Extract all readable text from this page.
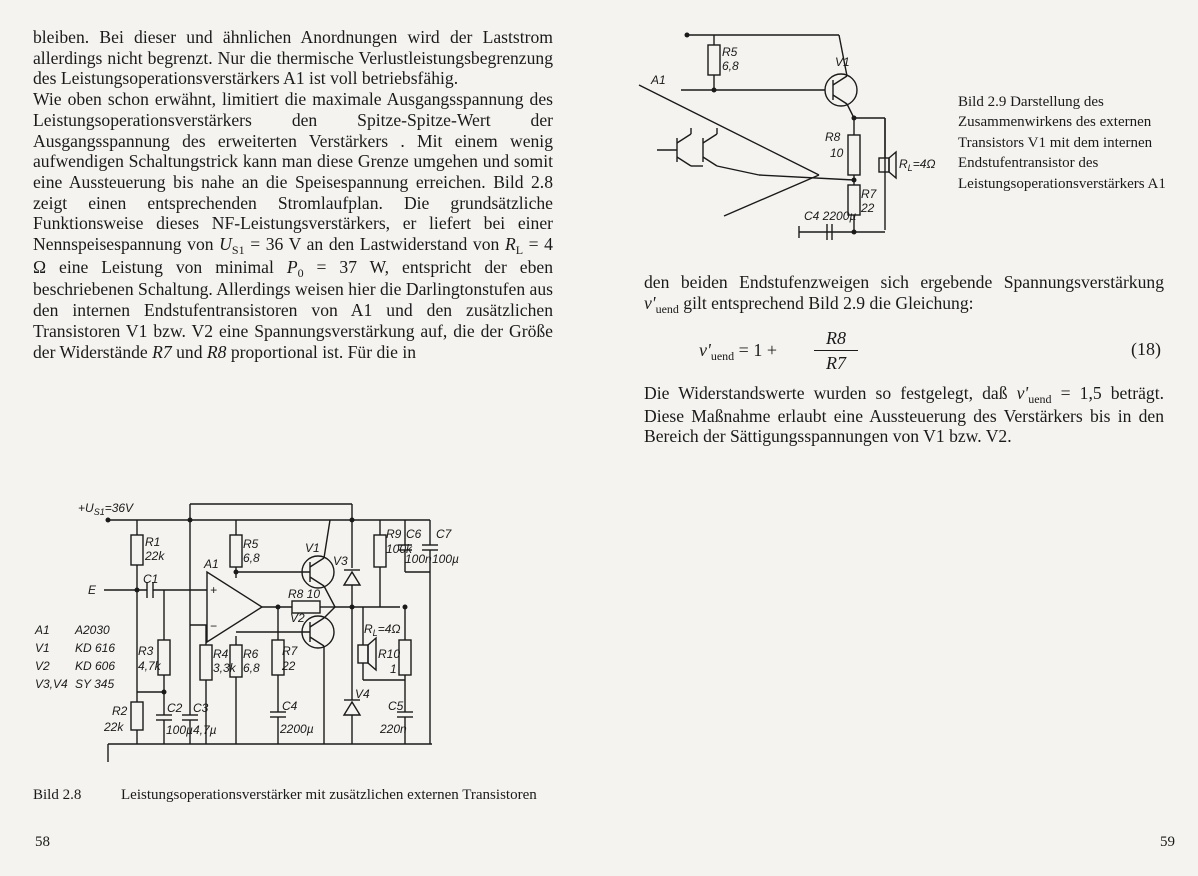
bleiben. Bei dieser und ähnlichen Anordnungen wird der Laststrom allerdings nicht begrenzt. Nur die thermische Verlustleistungsbegrenzung des Leistungsoperationsverstärkers A1 ist voll betriebsfähig.

Wie oben schon erwähnt, limitiert die maximale Ausgangsspannung des Leistungsoperationsverstärkers den Spitze-Spitze-Wert der Ausgangsspannung des erweiterten Verstärkers . Mit einem wenig aufwendigen Schaltungstrick kann man diese Grenze umgehen und somit eine Aussteuerung bis nahe an die Speisespannung erreichen. Bild 2.8 zeigt einen entsprechenden Stromlaufplan. Die grundsätzliche Funktionsweise dieses NF-Leistungsverstärkers, er liefert bei einer Nennspeisespannung von $U_{S1} = 36$ V an den Lastwiderstand von $R_L = 4$ Ω eine Leistung von minimal $P_0 = 37$ W, entspricht der eben beschriebenen Schaltung. Allerdings weisen hier die Darlingtonstufen aus den internen Endstufentransistoren von A1 und den zusätzlichen Transistoren V1 bzw. V2 eine Spannungsverstärkung auf, die der Größe der Widerstände R7 und R8 proportional ist. Für die in

$+U_{S1}=36V$
E
R1
22k
C1
R3
4,7k
R2
22k
C2
100µ
C3
4,7µ
R4
3,3k
R5
6,8
R6
6,8
A1
+
−
R8 10
V1
V2
V3
V4
R7
22
C4
2200µ
R9
100k
C6
100n
C7
100µ
$R_L=4\Omega$
R10
1
C5
220n
A1 A2030
V1 KD 616
V2 KD 606
V3,V4 SY 345
Bild 2.8	Leistungsoperationsverstärker mit zusätzlichen externen Transistoren
58
A1
R5
6,8	V1
R8
10
R7
22
C4 2200µ
$R_L=4\Omega$
Bild 2.9 Darstellung des Zusammenwirkens des externen Transistors V1 mit dem internen Endstufentransistor des Leistungsoperationsverstärkers A1

den beiden Endstufenzweigen sich ergebende Spannungsverstärkung $v'_{uend}$ gilt entsprechend Bild 2.9 die Gleichung:

$v'_{uend} = 1$ +
R8
R7
(18)

Die Widerstandswerte wurden so festgelegt, daß $v'_{uend} = 1,5$ beträgt. Diese Maßnahme erlaubt eine Aussteuerung des Verstärkers bis in den Bereich der Sättigungsspannungen von V1 bzw. V2.

59
